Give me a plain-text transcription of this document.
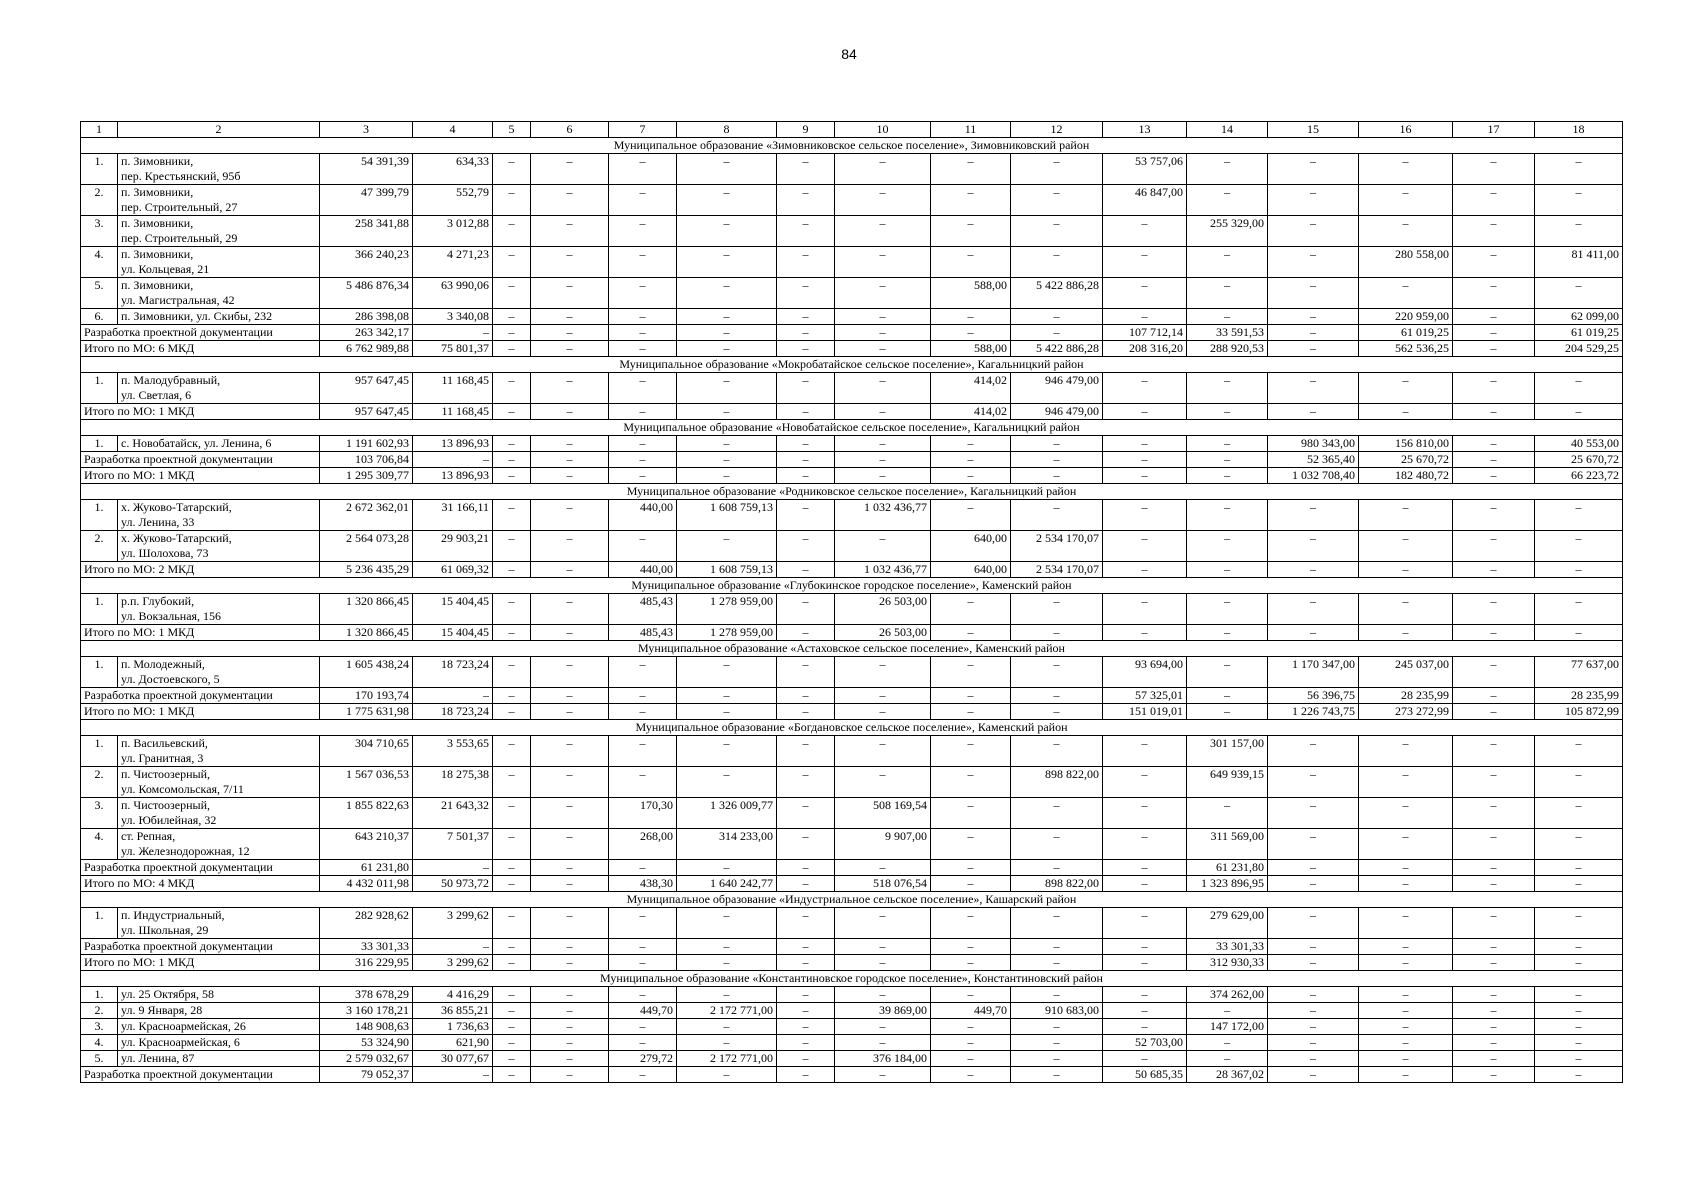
84
1	2	3	4	5	6	7	8	9	10	11	12	13	14	15	16	17	18
Муниципальное образование «Зимовниковское сельское поселение», Зимовниковский район																	
1.	п. Зимовники,
пер. Крестьянский, 95б	54 391,39	634,33	–	–	–	–	–	–	–	–	53 757,06	–	–	–	–	–
2.	п. Зимовники,
пер. Строительный, 27	47 399,79	552,79	–	–	–	–	–	–	–	–	46 847,00	–	–	–	–	–
3.	п. Зимовники,
пер. Строительный, 29	258 341,88	3 012,88	–	–	–	–	–	–	–	–	–	255 329,00	–	–	–	–
4.	п. Зимовники,
ул. Кольцевая, 21	366 240,23	4 271,23	–	–	–	–	–	–	–	–	–	–	–	280 558,00	–	81 411,00
5.	п. Зимовники,
ул. Магистральная, 42	5 486 876,34	63 990,06	–	–	–	–	–	–	588,00	5 422 886,28	–	–	–	–	–	–
6.	п. Зимовники, ул. Скибы, 232	286 398,08	3 340,08	–	–	–	–	–	–	–	–	–	–	–	220 959,00	–	62 099,00
Разработка проектной документации		263 342,17	–	–	–	–	–	–	–	–	–	107 712,14	33 591,53	–	61 019,25	–	61 019,25
Итого по МО: 6 МКД		6 762 989,88	75 801,37	–	–	–	–	–	–	588,00	5 422 886,28	208 316,20	288 920,53	–	562 536,25	–	204 529,25
Муниципальное образование «Мокробатайское сельское поселение», Кагальницкий район																	
1.	п. Малодубравный,
ул. Светлая, 6	957 647,45	11 168,45	–	–	–	–	–	–	414,02	946 479,00	–	–	–	–	–	–
Итого по МО: 1 МКД		957 647,45	11 168,45	–	–	–	–	–	–	414,02	946 479,00	–	–	–	–	–	–
Муниципальное образование «Новобатайское сельское поселение», Кагальницкий район																	
1.	с. Новобатайск, ул. Ленина, 6	1 191 602,93	13 896,93	–	–	–	–	–	–	–	–	–	–	980 343,00	156 810,00	–	40 553,00
Разработка проектной документации		103 706,84	–	–	–	–	–	–	–	–	–	–	–	52 365,40	25 670,72	–	25 670,72
Итого по МО: 1 МКД		1 295 309,77	13 896,93	–	–	–	–	–	–	–	–	–	–	1 032 708,40	182 480,72	–	66 223,72
Муниципальное образование «Родниковское сельское поселение», Кагальницкий район																	
1.	х. Жуково-Татарский,
ул. Ленина, 33	2 672 362,01	31 166,11	–	–	440,00	1 608 759,13	–	1 032 436,77	–	–	–	–	–	–	–	–
2.	х. Жуково-Татарский,
ул. Шолохова, 73	2 564 073,28	29 903,21	–	–	–	–	–	–	640,00	2 534 170,07	–	–	–	–	–	–
Итого по МО: 2 МКД		5 236 435,29	61 069,32	–	–	440,00	1 608 759,13	–	1 032 436,77	640,00	2 534 170,07	–	–	–	–	–	–
Муниципальное образование «Глубокинское городское поселение», Каменский район																	
1.	р.п. Глубокий,
ул. Вокзальная, 156	1 320 866,45	15 404,45	–	–	485,43	1 278 959,00	–	26 503,00	–	–	–	–	–	–	–	–
Итого по МО: 1 МКД		1 320 866,45	15 404,45	–	–	485,43	1 278 959,00	–	26 503,00	–	–	–	–	–	–	–	–
Муниципальное образование «Астаховское сельское поселение», Каменский район																	
1.	п. Молодежный,
ул. Достоевского, 5	1 605 438,24	18 723,24	–	–	–	–	–	–	–	–	93 694,00	–	1 170 347,00	245 037,00	–	77 637,00
Разработка проектной документации		170 193,74	–	–	–	–	–	–	–	–	–	57 325,01	–	56 396,75	28 235,99	–	28 235,99
Итого по МО: 1 МКД		1 775 631,98	18 723,24	–	–	–	–	–	–	–	–	151 019,01	–	1 226 743,75	273 272,99	–	105 872,99
Муниципальное образование «Богдановское сельское поселение», Каменский район																	
1.	п. Васильевский,
ул. Гранитная, 3	304 710,65	3 553,65	–	–	–	–	–	–	–	–	–	301 157,00	–	–	–	–
2.	п. Чистоозерный,
ул. Комсомольская, 7/11	1 567 036,53	18 275,38	–	–	–	–	–	–	–	898 822,00	–	649 939,15	–	–	–	–
3.	п. Чистоозерный,
ул. Юбилейная, 32	1 855 822,63	21 643,32	–	–	170,30	1 326 009,77	–	508 169,54	–	–	–	–	–	–	–	–
4.	ст. Репная,
ул. Железнодорожная, 12	643 210,37	7 501,37	–	–	268,00	314 233,00	–	9 907,00	–	–	–	311 569,00	–	–	–	–
Разработка проектной документации		61 231,80	–	–	–	–	–	–	–	–	–	–	61 231,80	–	–	–	–
Итого по МО: 4 МКД		4 432 011,98	50 973,72	–	–	438,30	1 640 242,77	–	518 076,54	–	898 822,00	–	1 323 896,95	–	–	–	–
Муниципальное образование «Индустриальное сельское поселение», Кашарский район																	
1.	п. Индустриальный,
ул. Школьная, 29	282 928,62	3 299,62	–	–	–	–	–	–	–	–	–	279 629,00	–	–	–	–
Разработка проектной документации		33 301,33	–	–	–	–	–	–	–	–	–	–	33 301,33	–	–	–	–
Итого по МО: 1 МКД		316 229,95	3 299,62	–	–	–	–	–	–	–	–	–	312 930,33	–	–	–	–
Муниципальное образование «Константиновское городское поселение», Константиновский район																	
1.	ул. 25 Октября, 58	378 678,29	4 416,29	–	–	–	–	–	–	–	–	–	374 262,00	–	–	–	–
2.	ул. 9 Января, 28	3 160 178,21	36 855,21	–	–	449,70	2 172 771,00	–	39 869,00	449,70	910 683,00	–	–	–	–	–	–
3.	ул. Красноармейская, 26	148 908,63	1 736,63	–	–	–	–	–	–	–	–	–	147 172,00	–	–	–	–
4.	ул. Красноармейская, 6	53 324,90	621,90	–	–	–	–	–	–	–	–	52 703,00	–	–	–	–	–
5.	ул. Ленина, 87	2 579 032,67	30 077,67	–	–	279,72	2 172 771,00	–	376 184,00	–	–	–	–	–	–	–	–
Разработка проектной документации		79 052,37	–	–	–	–	–	–	–	–	–	50 685,35	28 367,02	–	–	–	–
